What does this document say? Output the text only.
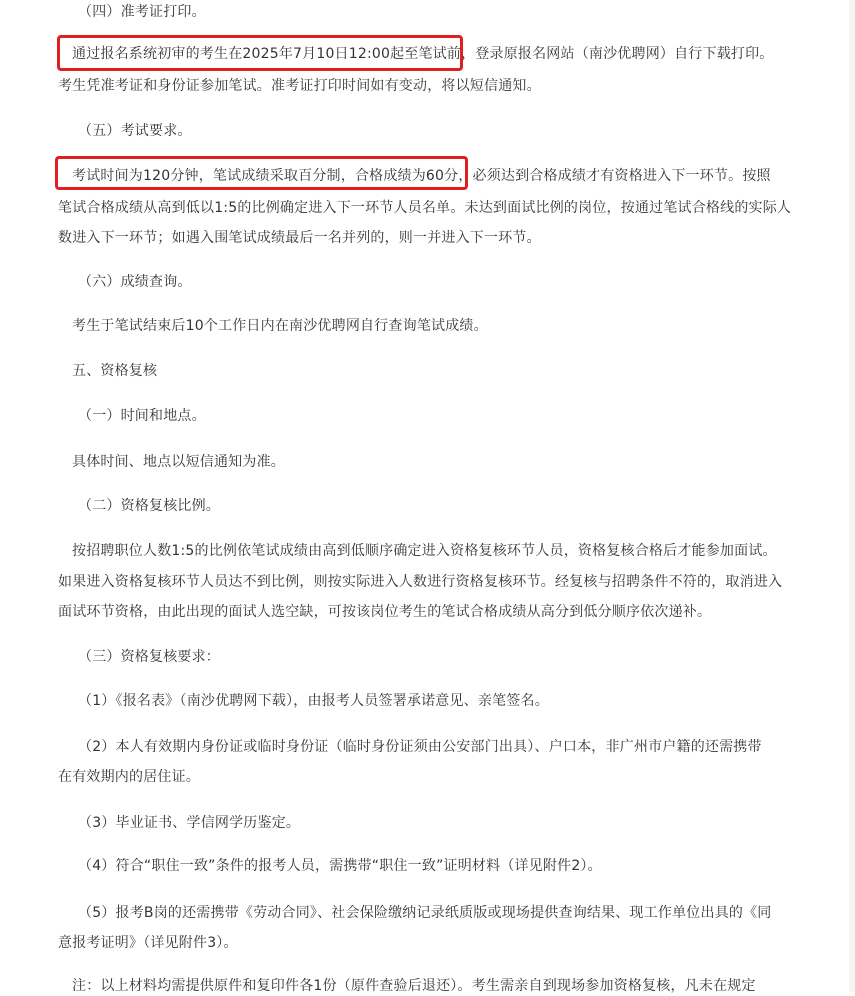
（四）准考证打印。
通过报名系统初审的考生在2025年7月10日12:00起至笔试前，登录原报名网站（南沙优聘网）自行下载打印。
考生凭准考证和身份证参加笔试。准考证打印时间如有变动，将以短信通知。
（五）考试要求。
考试时间为120分钟，笔试成绩采取百分制，合格成绩为60分，必须达到合格成绩才有资格进入下一环节。按照
笔试合格成绩从高到低以1:5的比例确定进入下一环节人员名单。未达到面试比例的岗位，按通过笔试合格线的实际人
数进入下一环节；如遇入围笔试成绩最后一名并列的，则一并进入下一环节。
（六）成绩查询。
考生于笔试结束后10个工作日内在南沙优聘网自行查询笔试成绩。
五、资格复核
（一）时间和地点。
具体时间、地点以短信通知为准。
（二）资格复核比例。
按招聘职位人数1:5的比例依笔试成绩由高到低顺序确定进入资格复核环节人员，资格复核合格后才能参加面试。
如果进入资格复核环节人员达不到比例，则按实际进入人数进行资格复核环节。经复核与招聘条件不符的，取消进入
面试环节资格，由此出现的面试人选空缺，可按该岗位考生的笔试合格成绩从高分到低分顺序依次递补。
（三）资格复核要求：
（1）《报名表》（南沙优聘网下载），由报考人员签署承诺意见、亲笔签名。
（2）本人有效期内身份证或临时身份证（临时身份证须由公安部门出具）、户口本，非广州市户籍的还需携带
在有效期内的居住证。
（3）毕业证书、学信网学历鉴定。
（4）符合“职住一致”条件的报考人员，需携带“职住一致”证明材料（详见附件2）。
（5）报考B岗的还需携带《劳动合同》、社会保险缴纳记录纸质版或现场提供查询结果、现工作单位出具的《同
意报考证明》（详见附件3）。
注：以上材料均需提供原件和复印件各1份（原件查验后退还）。考生需亲自到现场参加资格复核，凡未在规定
